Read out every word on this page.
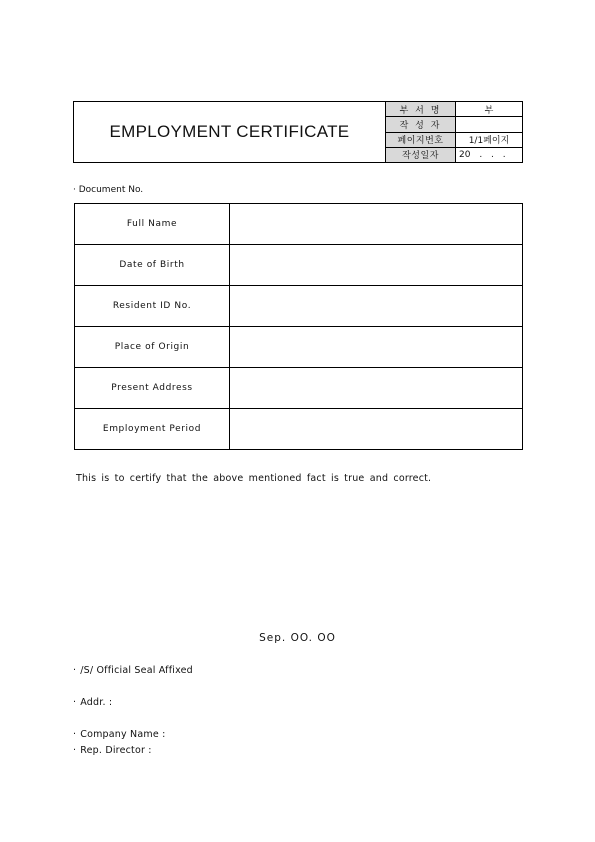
EMPLOYMENT CERTIFICATE
부 서 명	부
작 성 자
페이지번호	1/1페이지
작성일자	20 . . .
· Document No.
Full Name	
Date of Birth	
Resident ID No.	
Place of Origin	
Present Address	
Employment Period	
This is to certify that the above mentioned fact is true and correct.
Sep. OO. OO
· /S/ Official Seal Affixed
· Addr. :
· Company Name :
· Rep. Director :
